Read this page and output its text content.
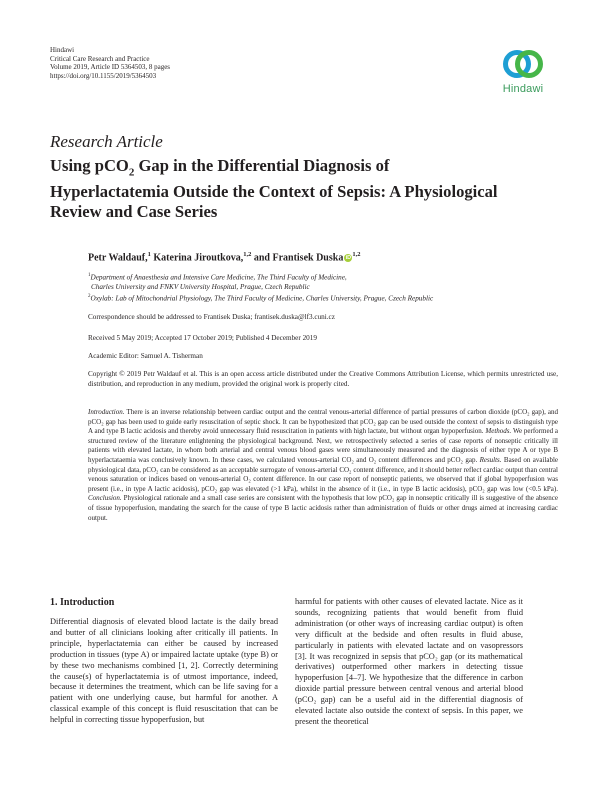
Hindawi
Critical Care Research and Practice
Volume 2019, Article ID 5364503, 8 pages
https://doi.org/10.1155/2019/5364503
Hindawi
Research Article
Using pCO$_2$ Gap in the Differential Diagnosis of
Hyperlactatemia Outside the Context of Sepsis: A Physiological
Review and Case Series
Petr Waldauf,$^1$ Katerina Jiroutkova,$^{1,2}$ and Frantisek Duska iD$^{1,2}$
$^1$Department of Anaesthesia and Intensive Care Medicine, The Third Faculty of Medicine,
Charles University and FNKV University Hospital, Prague, Czech Republic
$^2$Oxylab: Lab of Mitochondrial Physiology, The Third Faculty of Medicine, Charles University, Prague, Czech Republic
Correspondence should be addressed to Frantisek Duska; frantisek.duska@lf3.cuni.cz
Received 5 May 2019; Accepted 17 October 2019; Published 4 December 2019
Academic Editor: Samuel A. Tisherman
Copyright © 2019 Petr Waldauf et al. This is an open access article distributed under the Creative Commons Attribution License, which permits unrestricted use, distribution, and reproduction in any medium, provided the original work is properly cited.
Introduction. There is an inverse relationship between cardiac output and the central venous-arterial difference of partial pressures of carbon dioxide (pCO₂ gap), and pCO₂ gap has been used to guide early resuscitation of septic shock. It can be hypothesized that pCO₂ gap can be used outside the context of sepsis to distinguish type A and type B lactic acidosis and thereby avoid unnecessary fluid resuscitation in patients with high lactate, but without organ hypoperfusion. Methods. We performed a structured review of the literature enlightening the physiological background. Next, we retrospectively selected a series of case reports of nonseptic critically ill patients with elevated lactate, in whom both arterial and central venous blood gases were simultaneously measured and the diagnosis of either type A or type B hyperlactataemia was conclusively known. In these cases, we calculated venous-arterial CO₂ and O₂ content differences and pCO₂ gap. Results. Based on available physiological data, pCO₂ can be considered as an acceptable surrogate of venous-arterial CO₂ content difference, and it should better reflect cardiac output than central venous saturation or indices based on venous-arterial O₂ content difference. In our case report of nonseptic patients, we observed that if global hypoperfusion was present (i.e., in type A lactic acidosis), pCO₂ gap was elevated (>1 kPa), whilst in the absence of it (i.e., in type B lactic acidosis), pCO₂ gap was low (<0.5 kPa). Conclusion. Physiological rationale and a small case series are consistent with the hypothesis that low pCO₂ gap in nonseptic critically ill is suggestive of the absence of tissue hypoperfusion, mandating the search for the cause of type B lactic acidosis rather than administration of fluids or other drugs aimed at increasing cardiac output.
1. Introduction
Differential diagnosis of elevated blood lactate is the daily bread and butter of all clinicians looking after critically ill patients. In principle, hyperlactatemia can either be caused by increased production in tissues (type A) or impaired lactate uptake (type B) or by these two mechanisms combined [1, 2]. Correctly determining the cause(s) of hyperlactatemia is of utmost importance, indeed, because it determines the treatment, which can be life saving for a patient with one underlying cause, but harmful for another. A classical example of this concept is fluid resuscitation that can be helpful in correcting tissue hypoperfusion, but
harmful for patients with other causes of elevated lactate. Nice as it sounds, recognizing patients that would benefit from fluid administration (or other ways of increasing cardiac output) is often very difficult at the bedside and often results in fluid abuse, particularly in patients with elevated lactate and on vasopressors [3]. It was recognized in sepsis that pCO₂ gap (or its mathematical derivatives) outperformed other markers in detecting tissue hypoperfusion [4–7]. We hypothesize that the difference in carbon dioxide partial pressure between central venous and arterial blood (pCO₂ gap) can be a useful aid in the differential diagnosis of elevated lactate also outside the context of sepsis. In this paper, we present the theoretical
